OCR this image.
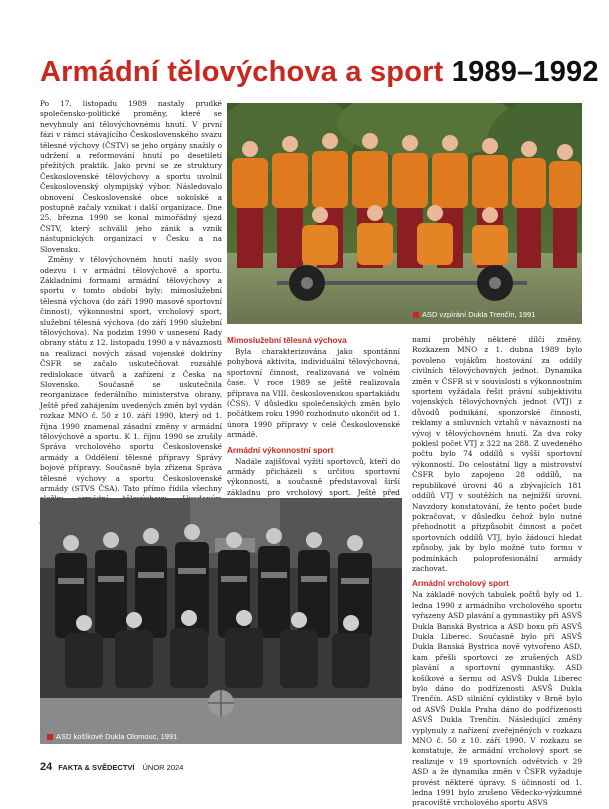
Armádní tělovýchova a sport 1989–1992

Po 17. listopadu 1989 nastaly prudké společensko-politické proměny, které se nevyhnuly ani tělovýchovnému hnutí. V první fázi v rámci stávajícího Československého svazu tělesné výchovy (ČSTV) se jeho orgány snažily o udržení a reformování hnutí po desetiletí přežitých praktik. Jako první se ze struktury Československé tělovýchovy a sportu uvolnil Československý olympijský výbor. Následovalo obnovení Československé obce sokolské a postupně začaly vznikat i další organizace. Dne 25. března 1990 se konal mimořádný sjezd ČSTV, který schválil jeho zánik a vznik nástupnických organizací v Česku a na Slovensku.

Změny v tělovýchovném hnutí našly svou odezvu i v armádní tělovýchově a sportu. Základními formami armádní tělovýchovy a sportu v tomto období byly: mimoslužební tělesná výchova (do září 1990 masově sportovní činnost), výkonnostní sport, vrcholový sport, služební tělesná výchova (do září 1990 služební tělovýchova). Na podzim 1990 v usnesení Rady obrany státu z 12. listopadu 1990 a v návaznosti na realizaci nových zásad vojenské doktríny ČSFR se začalo uskutečňovat rozsáhlé redislokace útvarů a zařízení z Česka na Slovensko. Současně se uskutečnila reorganizace federálního ministerstva obrany. Ještě před zahájením uvedených změn byl vydán rozkaz MNO č. 50 z 10. září 1990, který od 1. října 1990 znamenal zásadní změny v armádní tělovýchově a sportu. K 1. říjnu 1990 se zrušily Správa vrcholového sportu Československé armády a Oddělení tělesné přípravy Správy bojové přípravy. Současně byla zřízena Správa tělesné výchovy a sportu Československé armády (STVS ČSA). Tato přímo řídila všechny

ASD vzpírání Dukla Trenčín, 1991
Mimoslužební tělesná výchova

Byla charakterizována jako spontánní pohybová aktivita, individuální tělovýchovná, sportovní činnost, realizovaná ve volném čase. V roce 1989 se ještě realizovala příprava na VIII. československou spartakiádu (ČSS). V důsledku společenských změn bylo počátkem roku 1990 rozhodnuto ukončit od 1. února 1990 přípravy v celé Československé armádě.

Armádní výkonnostní sport

Nadále zajišťoval vyžití sportovců, kteří do armády přicházeli s určitou sportovní výkonností, a současně představoval širší základnu pro vrcholový sport. Ještě před

nami proběhly některé dílčí změny. Rozkazem MNO z 1. dubna 1989 bylo povoleno vojákům hostování za oddíly civilních tělovýchovných jednot. Dynamika změn v ČSFR si v souvislosti s výkonnostním sportem vyžádala řešit právní subjektivitu vojenských tělovýchovných jednot (VTJ) z důvodů podnikání, sponzorské činnosti, reklamy a smluvních vztahů v návaznosti na vývoj v tělovýchovném hnutí. Za dva roky poklesl počet VTJ z 322 na 288. Z uvedeného počtu bylo 74 oddílů s vyšší sportovní výkonností. Do celostátní ligy a mistrovství ČSFR bylo zapojeno 28 oddílů, na republikové úrovni 46 a zbývajících 181 oddílů VTJ v soutěžích na nejnižší úrovni. Navzdory konstatování, že tento počet bude pokračovat, v důsledku čehož bylo nutné přehodnotit a přizpůsobit činnost a počet sportovních oddílů VTJ, bylo žádoucí hledat způsoby, jak by bylo možné tuto formu v podmínkách poloprofesionální armády zachovat.

Armádní vrcholový sport

Na základě nových tabulek počtů byly od 1. ledna 1990 z armádního vrcholového sportu vyřazeny ASD plavání a gymnastiky při ASVŠ Dukla Banská Bystrica a ASD boxu při ASVŠ Dukla Liberec. Současně bylo při ASVŠ Dukla Banská Bystrica nově vytvořeno ASD, kam přešli sportovci ze zrušených ASD plavání a sportovní gymnastiky. ASD košíkové a šermu od ASVŠ Dukla Liberec bylo dáno do podřízenosti ASVŠ Dukla Trenčín. ASD silniční cyklistiky v Brně bylo od ASVŠ Dukla Praha dáno do podřízenosti ASVŠ Dukla Trenčín. Následující změny vyplynuly z nařízení zveřejněných v rozkazu MNO č. 50 z 10. září 1990. V rozkazu se konstatuje, že armádní vrcholový sport se realizuje v 19 sportovních odvětvích v 29 ASD a že dynamika změn v ČSFR vyžaduje provést některé úpravy. S účinností od 1. ledna 1991 bylo zrušeno Vědecko-výzkumné pracoviště vrcholového sportu ASVS

ASD košíkové Dukla Olomouc, 1991
24 FAKTA & SVĚDECTVÍ ÚNOR 2024
